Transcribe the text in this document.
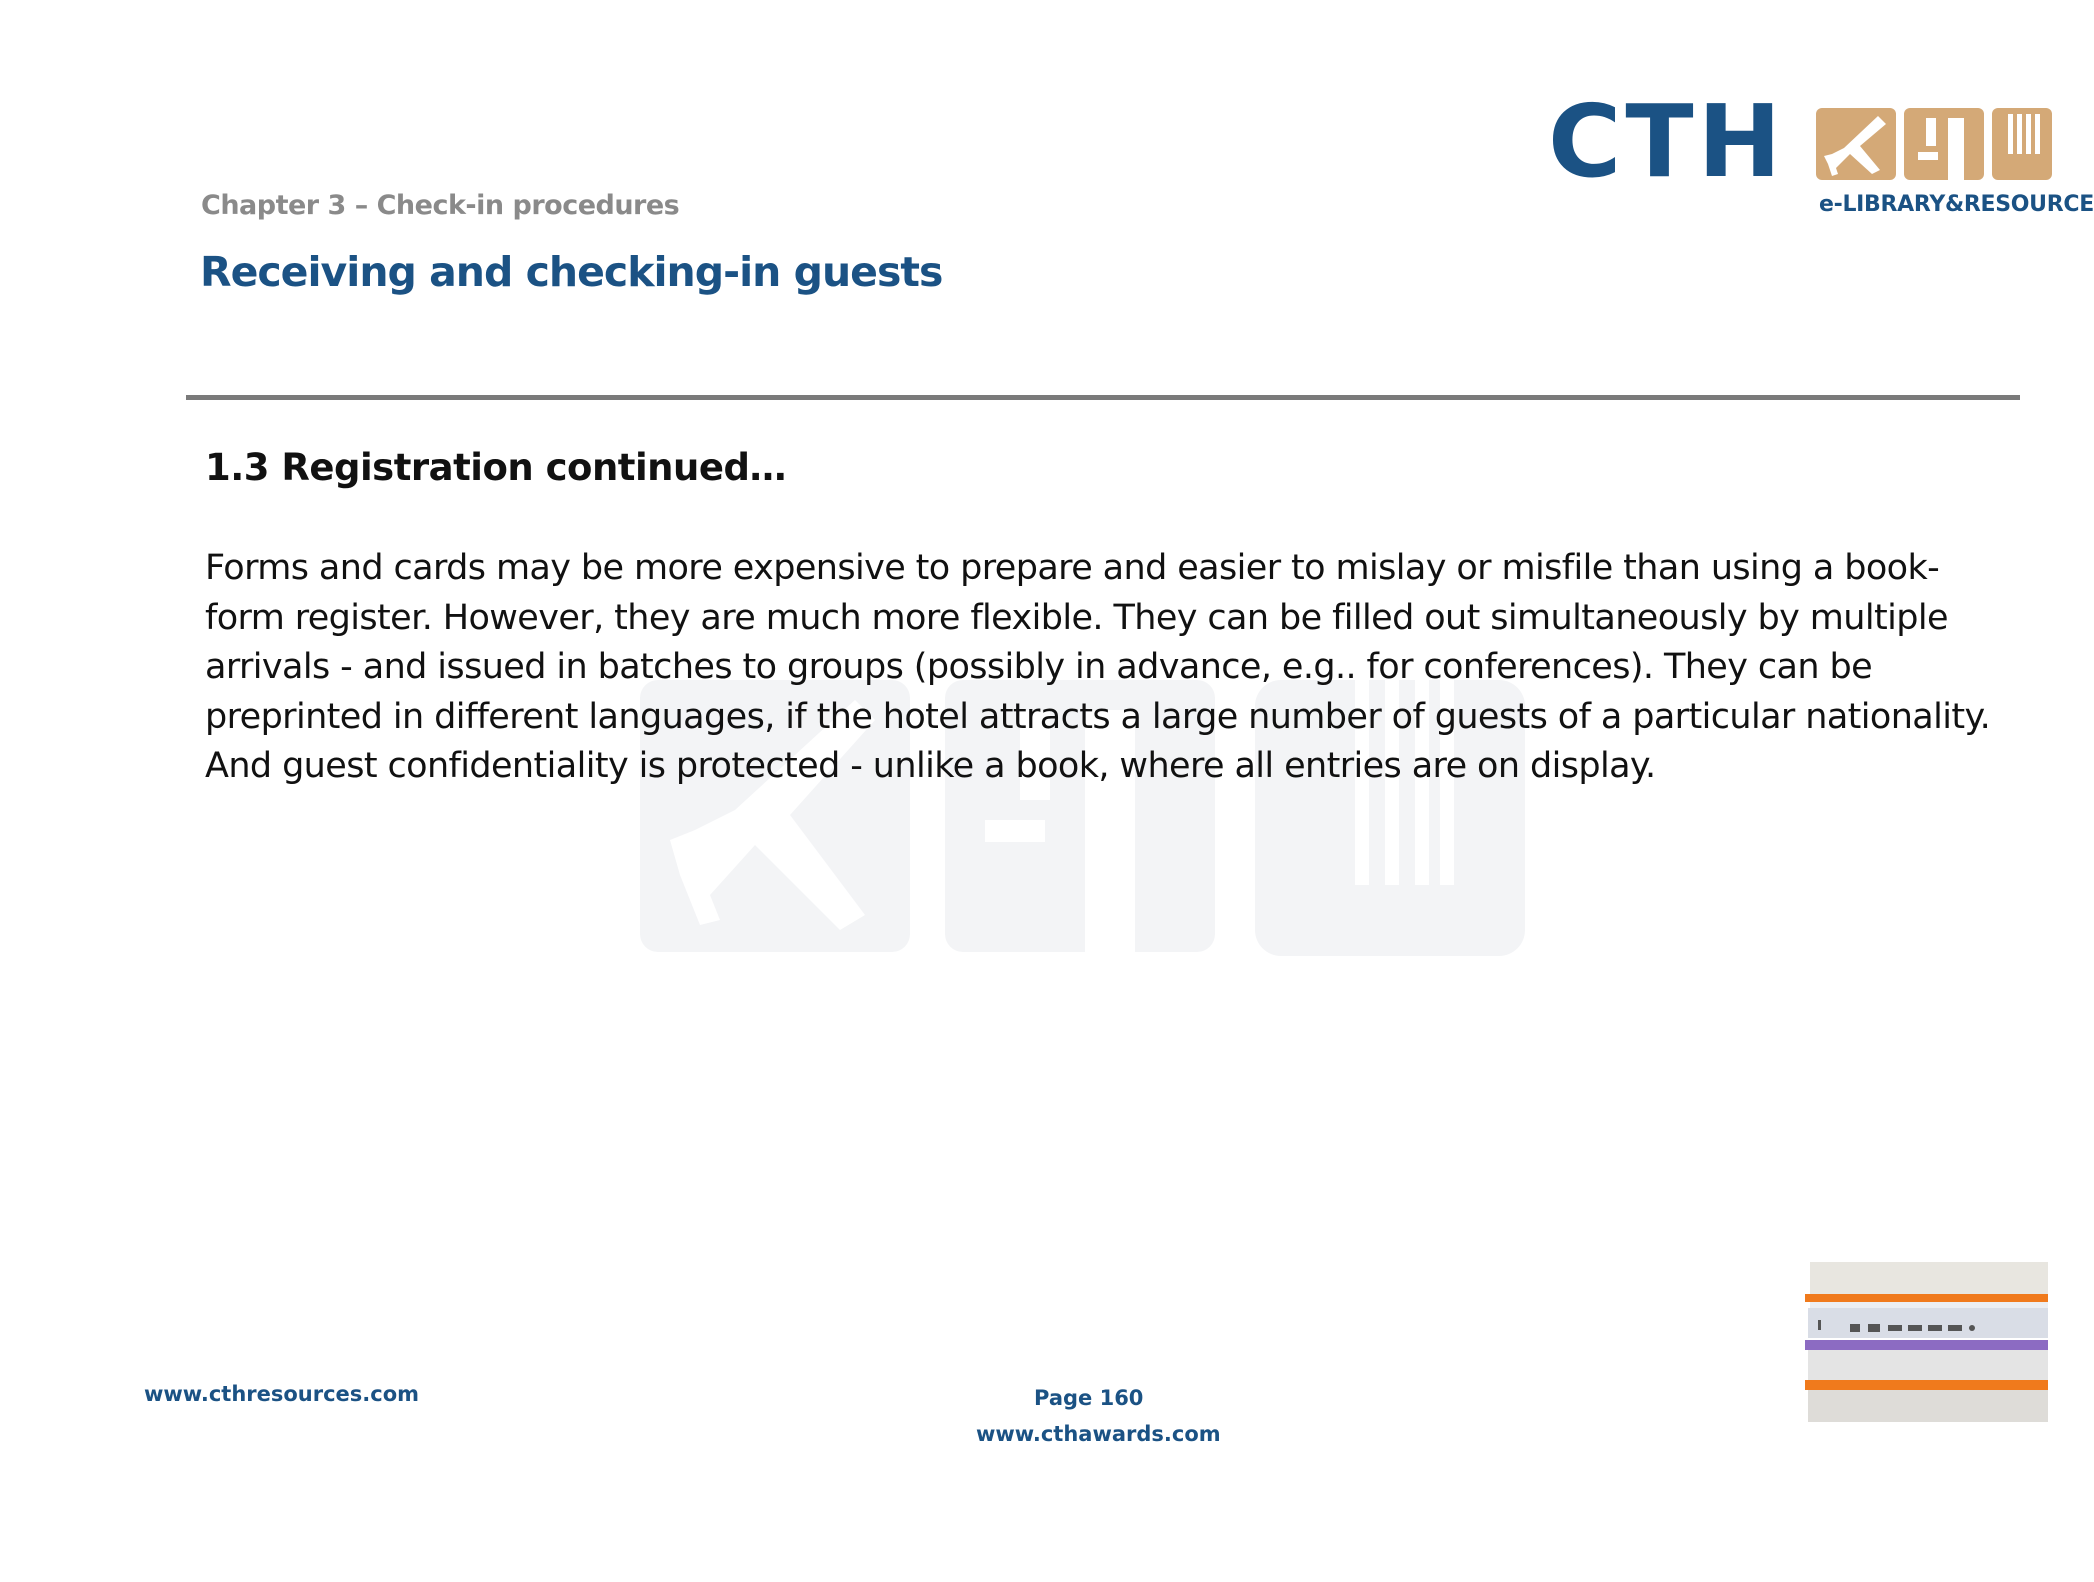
Chapter 3 – Check-in procedures
Receiving and checking-in guests
CTH
e-LIBRARY&RESOURCE
1.3 Registration continued…

Forms and cards may be more expensive to prepare and easier to mislay or misfile than using a book-form register. However, they are much more flexible. They can be filled out simultaneously by multiple arrivals - and issued in batches to groups (possibly in advance, e.g.. for conferences). They can be preprinted in different languages, if the hotel attracts a large number of guests of a particular nationality. And guest confidentiality is protected - unlike a book, where all entries are on display.

www.cthresources.com	Page 160
www.cthawards.com
